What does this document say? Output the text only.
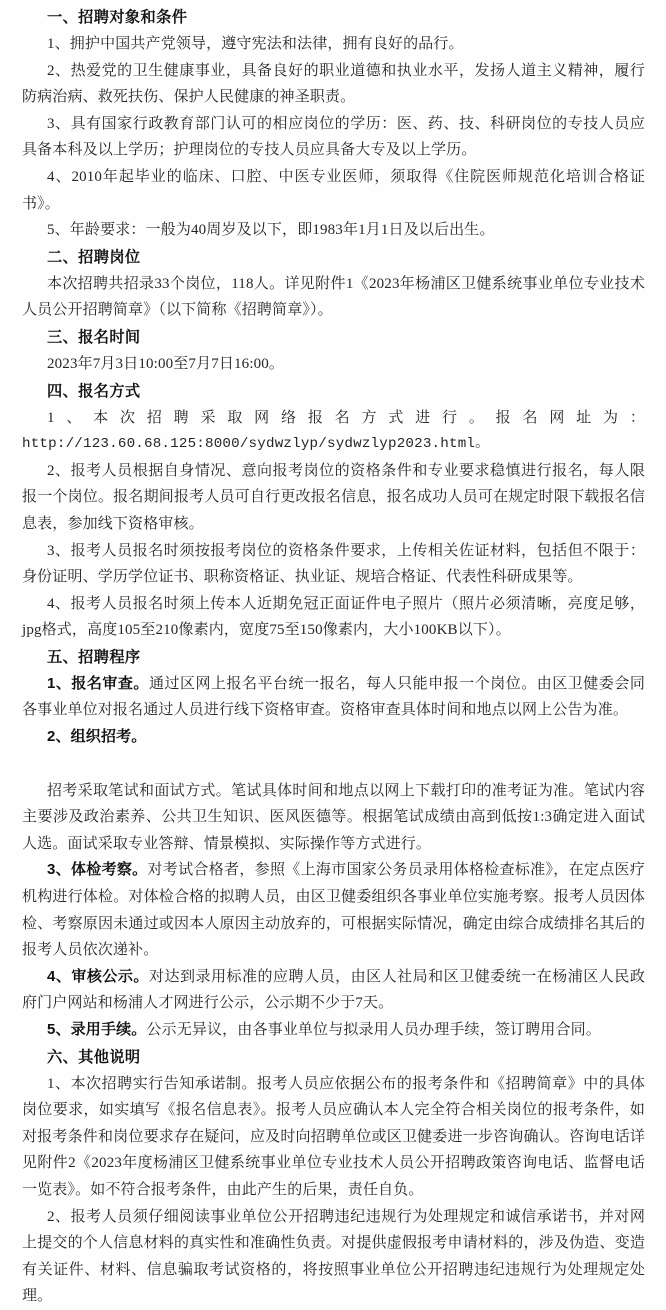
一、招聘对象和条件

1、拥护中国共产党领导，遵守宪法和法律，拥有良好的品行。

2、热爱党的卫生健康事业，具备良好的职业道德和执业水平，发扬人道主义精神，履行防病治病、救死扶伤、保护人民健康的神圣职责。

3、具有国家行政教育部门认可的相应岗位的学历：医、药、技、科研岗位的专技人员应具备本科及以上学历；护理岗位的专技人员应具备大专及以上学历。

4、2010年起毕业的临床、口腔、中医专业医师，须取得《住院医师规范化培训合格证书》。

5、年龄要求：一般为40周岁及以下，即1983年1月1日及以后出生。

二、招聘岗位

本次招聘共招录33个岗位，118人。详见附件1《2023年杨浦区卫健系统事业单位专业技术人员公开招聘简章》（以下简称《招聘简章》）。

三、报名时间

2023年7月3日10:00至7月7日16:00。

四、报名方式

1、本次招聘采取网络报名方式进行。报名网址为：

http://123.60.68.125:8000/sydwzlyp/sydwzlyp2023.html。

2、报考人员根据自身情况、意向报考岗位的资格条件和专业要求稳慎进行报名，每人限报一个岗位。报名期间报考人员可自行更改报名信息，报名成功人员可在规定时限下载报名信息表，参加线下资格审核。

3、报考人员报名时须按报考岗位的资格条件要求，上传相关佐证材料，包括但不限于：身份证明、学历学位证书、职称资格证、执业证、规培合格证、代表性科研成果等。

4、报考人员报名时须上传本人近期免冠正面证件电子照片（照片必须清晰，亮度足够，jpg格式，高度105至210像素内，宽度75至150像素内，大小100KB以下）。

五、招聘程序

1、报名审查。通过区网上报名平台统一报名，每人只能申报一个岗位。由区卫健委会同各事业单位对报名通过人员进行线下资格审查。资格审查具体时间和地点以网上公告为准。

2、组织招考。

招考采取笔试和面试方式。笔试具体时间和地点以网上下载打印的准考证为准。笔试内容主要涉及政治素养、公共卫生知识、医风医德等。根据笔试成绩由高到低按1:3确定进入面试人选。面试采取专业答辩、情景模拟、实际操作等方式进行。

3、体检考察。对考试合格者，参照《上海市国家公务员录用体格检查标准》，在定点医疗机构进行体检。对体检合格的拟聘人员，由区卫健委组织各事业单位实施考察。报考人员因体检、考察原因未通过或因本人原因主动放弃的，可根据实际情况，确定由综合成绩排名其后的报考人员依次递补。

4、审核公示。对达到录用标准的应聘人员，由区人社局和区卫健委统一在杨浦区人民政府门户网站和杨浦人才网进行公示，公示期不少于7天。

5、录用手续。公示无异议，由各事业单位与拟录用人员办理手续，签订聘用合同。

六、其他说明

1、本次招聘实行告知承诺制。报考人员应依据公布的报考条件和《招聘简章》中的具体岗位要求，如实填写《报名信息表》。报考人员应确认本人完全符合相关岗位的报考条件，如对报考条件和岗位要求存在疑问，应及时向招聘单位或区卫健委进一步咨询确认。咨询电话详见附件2《2023年度杨浦区卫健系统事业单位专业技术人员公开招聘政策咨询电话、监督电话一览表》。如不符合报考条件，由此产生的后果，责任自负。

2、报考人员须仔细阅读事业单位公开招聘违纪违规行为处理规定和诚信承诺书，并对网上提交的个人信息材料的真实性和准确性负责。对提供虚假报考申请材料的，涉及伪造、变造有关证件、材料、信息骗取考试资格的，将按照事业单位公开招聘违纪违规行为处理规定处理。
